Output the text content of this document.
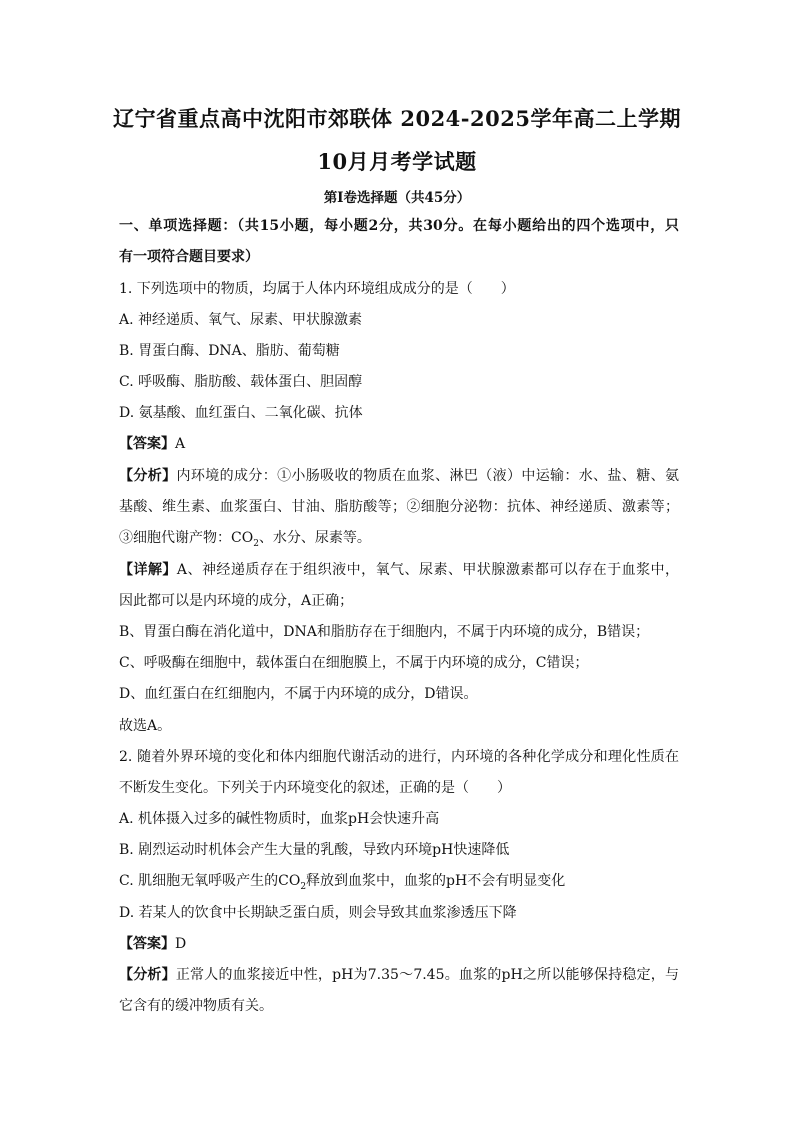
辽宁省重点高中沈阳市郊联体 2024-2025学年高二上学期
10月月考学试题
第I卷选择题（共45分）
一、单项选择题：（共15小题，每小题2分，共30分。在每小题给出的四个选项中，只
有一项符合题目要求）
1. 下列选项中的物质，均属于人体内环境组成成分的是（　　）
A. 神经递质、氧气、尿素、甲状腺激素
B. 胃蛋白酶、DNA、脂肪、葡萄糖
C. 呼吸酶、脂肪酸、载体蛋白、胆固醇
D. 氨基酸、血红蛋白、二氧化碳、抗体
【答案】A
【分析】内环境的成分：①小肠吸收的物质在血浆、淋巴（液）中运输：水、盐、糖、氨
基酸、维生素、血浆蛋白、甘油、脂肪酸等；②细胞分泌物：抗体、神经递质、激素等；
③细胞代谢产物：$CO_2$、水分、尿素等。
【详解】A、神经递质存在于组织液中，氧气、尿素、甲状腺激素都可以存在于血浆中，
因此都可以是内环境的成分，A正确；
B、胃蛋白酶在消化道中，DNA和脂肪存在于细胞内，不属于内环境的成分，B错误；
C、呼吸酶在细胞中，载体蛋白在细胞膜上，不属于内环境的成分，C错误；
D、血红蛋白在红细胞内，不属于内环境的成分，D错误。
故选A。
2. 随着外界环境的变化和体内细胞代谢活动的进行，内环境的各种化学成分和理化性质在
不断发生变化。下列关于内环境变化的叙述，正确的是（　　）
A. 机体摄入过多的碱性物质时，血浆pH会快速升高
B. 剧烈运动时机体会产生大量的乳酸，导致内环境pH快速降低
C. 肌细胞无氧呼吸产生的$CO_2$释放到血浆中，血浆的pH不会有明显变化
D. 若某人的饮食中长期缺乏蛋白质，则会导致其血浆渗透压下降
【答案】D
【分析】正常人的血浆接近中性，pH为7.35～7.45。血浆的pH之所以能够保持稳定，与
它含有的缓冲物质有关。
